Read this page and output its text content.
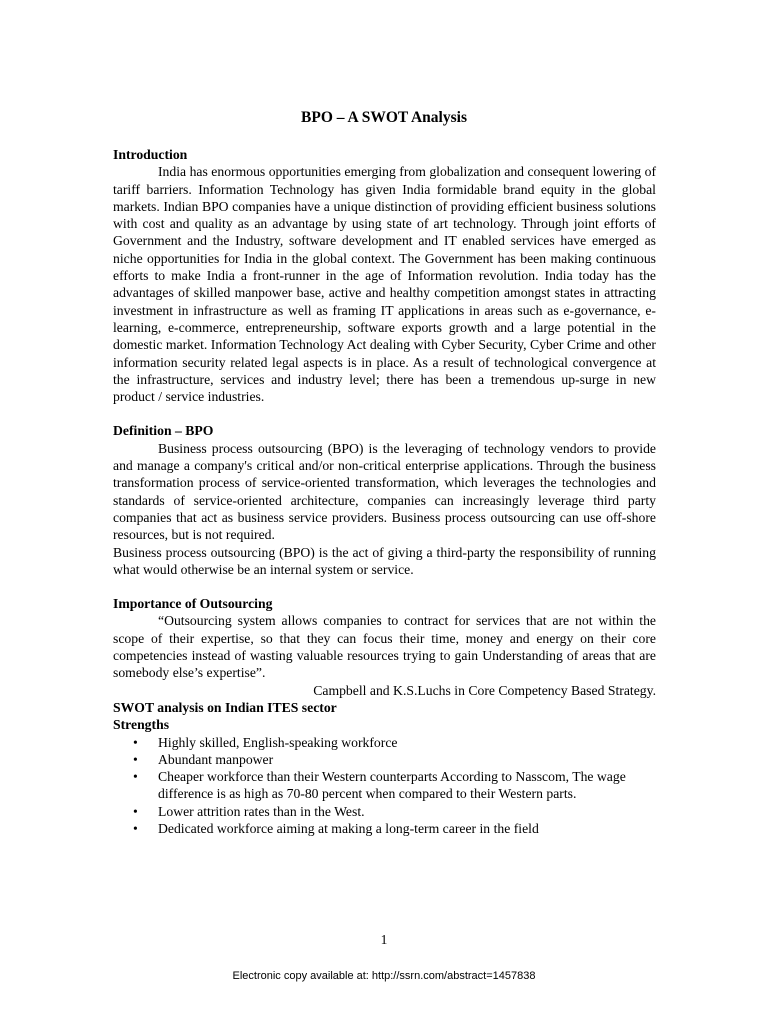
BPO – A SWOT Analysis

Introduction

India has enormous opportunities emerging from globalization and consequent lowering of tariff barriers. Information Technology has given India formidable brand equity in the global markets. Indian BPO companies have a unique distinction of providing efficient business solutions with cost and quality as an advantage by using state of art technology. Through joint efforts of Government and the Industry, software development and IT enabled services have emerged as niche opportunities for India in the global context. The Government has been making continuous efforts to make India a front-runner in the age of Information revolution. India today has the advantages of skilled manpower base, active and healthy competition amongst states in attracting investment in infrastructure as well as framing IT applications in areas such as e-governance, e-learning, e-commerce, entrepreneurship, software exports growth and a large potential in the domestic market. Information Technology Act dealing with Cyber Security, Cyber Crime and other information security related legal aspects is in place. As a result of technological convergence at the infrastructure, services and industry level; there has been a tremendous up-surge in new product / service industries.

Definition – BPO

Business process outsourcing (BPO) is the leveraging of technology vendors to provide and manage a company's critical and/or non-critical enterprise applications. Through the business transformation process of service-oriented transformation, which leverages the technologies and standards of service-oriented architecture, companies can increasingly leverage third party companies that act as business service providers. Business process outsourcing can use off-shore resources, but is not required.

Business process outsourcing (BPO) is the act of giving a third-party the responsibility of running what would otherwise be an internal system or service.

Importance of Outsourcing

“Outsourcing system allows companies to contract for services that are not within the scope of their expertise, so that they can focus their time, money and energy on their core competencies instead of wasting valuable resources trying to gain Understanding of areas that are somebody else’s expertise”.

Campbell and K.S.Luchs in Core Competency Based Strategy.

SWOT analysis on Indian ITES sector

Strengths

• Highly skilled, English-speaking workforce
• Abundant manpower
• Cheaper workforce than their Western counterparts According to Nasscom, The wage difference is as high as 70-80 percent when compared to their Western parts.
• Lower attrition rates than in the West.
• Dedicated workforce aiming at making a long-term career in the field
1
Electronic copy available at: http://ssrn.com/abstract=1457838
